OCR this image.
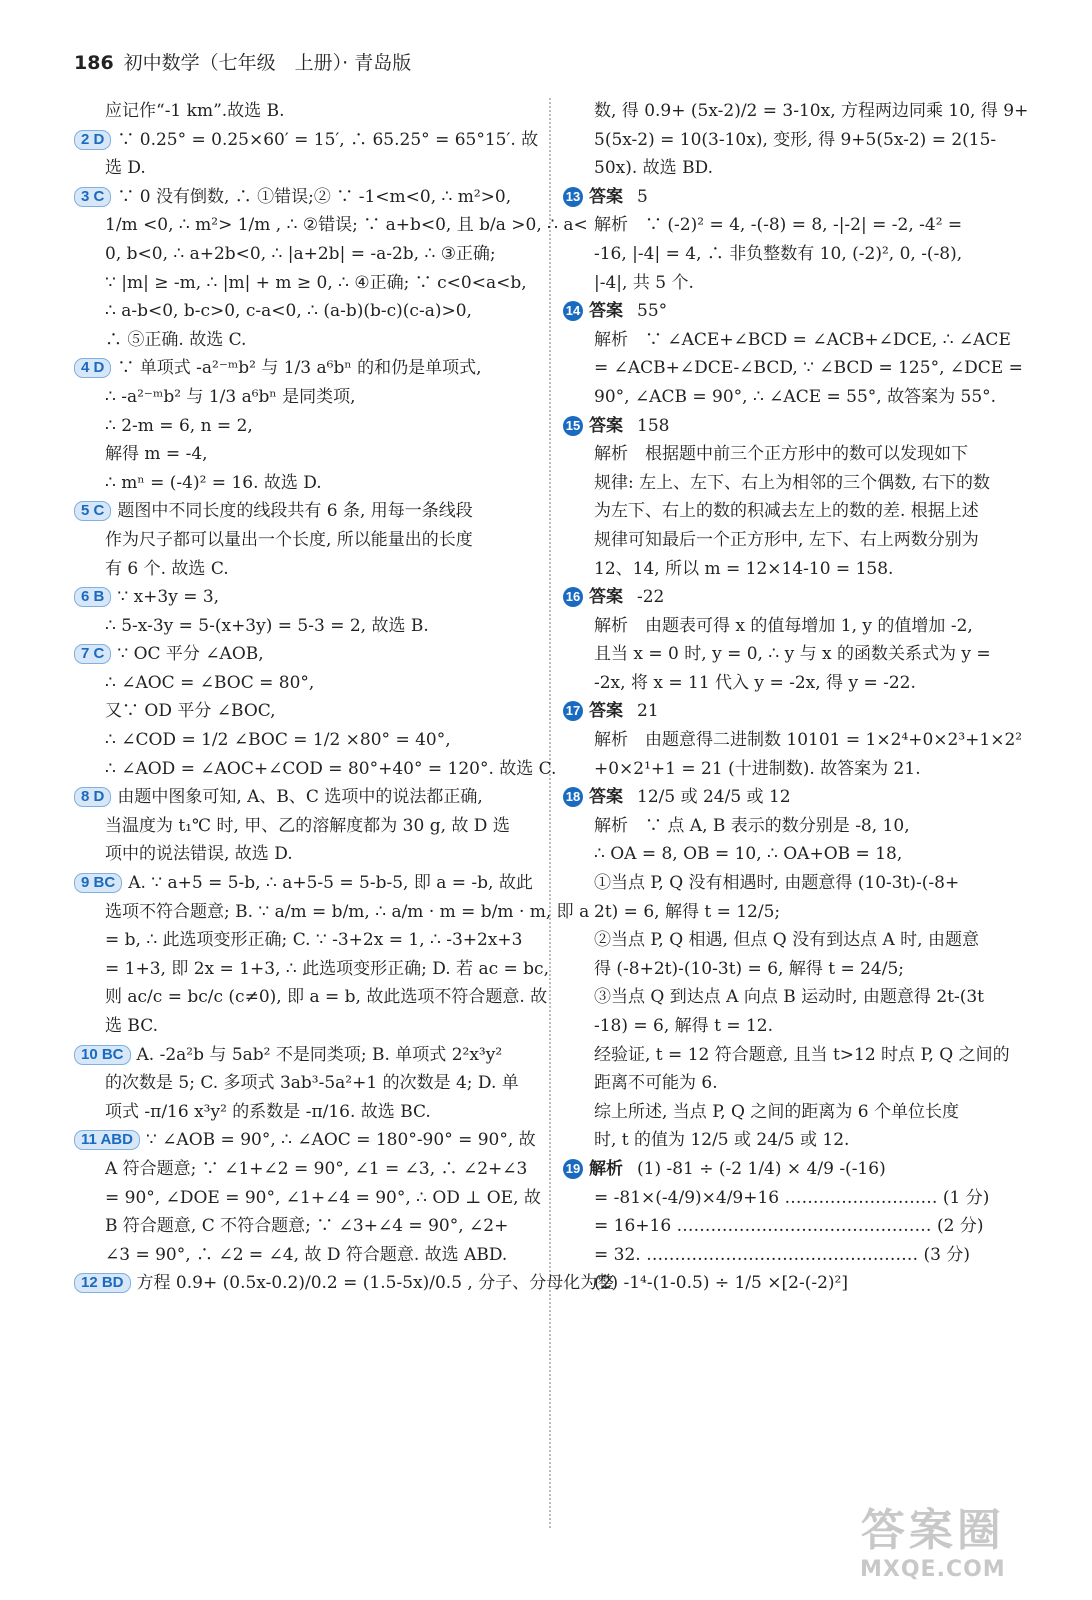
186 初中数学（七年级　上册）· 青岛版
应记作“-1 km”.故选 B.
2 D ∵ 0.25° = 0.25×60′ = 15′, ∴ 65.25° = 65°15′. 故
选 D.
3 C ∵ 0 没有倒数, ∴ ①错误;② ∵ -1<m<0, ∴ m²>0,
1/m <0, ∴ m²> 1/m , ∴ ②错误; ∵ a+b<0, 且 b/a >0, ∴ a<
0, b<0, ∴ a+2b<0, ∴ |a+2b| = -a-2b, ∴ ③正确;
∵ |m| ≥ -m, ∴ |m| + m ≥ 0, ∴ ④正确; ∵ c<0<a<b,
∴ a-b<0, b-c>0, c-a<0, ∴ (a-b)(b-c)(c-a)>0,
∴ ⑤正确. 故选 C.
4 D ∵ 单项式 -a²⁻ᵐb² 与 1/3 a⁶bⁿ 的和仍是单项式,
∴ -a²⁻ᵐb² 与 1/3 a⁶bⁿ 是同类项,
∴ 2-m = 6, n = 2,
解得 m = -4,
∴ mⁿ = (-4)² = 16. 故选 D.
5 C 题图中不同长度的线段共有 6 条, 用每一条线段
作为尺子都可以量出一个长度, 所以能量出的长度
有 6 个. 故选 C.
6 B ∵ x+3y = 3,
∴ 5-x-3y = 5-(x+3y) = 5-3 = 2, 故选 B.
7 C ∵ OC 平分 ∠AOB,
∴ ∠AOC = ∠BOC = 80°,
又∵ OD 平分 ∠BOC,
∴ ∠COD = 1/2 ∠BOC = 1/2 ×80° = 40°,
∴ ∠AOD = ∠AOC+∠COD = 80°+40° = 120°. 故选 C.
8 D 由题中图象可知, A、B、C 选项中的说法都正确,
当温度为 t₁℃ 时, 甲、乙的溶解度都为 30 g, 故 D 选
项中的说法错误, 故选 D.
9 BC A. ∵ a+5 = 5-b, ∴ a+5-5 = 5-b-5, 即 a = -b, 故此
选项不符合题意; B. ∵ a/m = b/m, ∴ a/m · m = b/m · m, 即 a
= b, ∴ 此选项变形正确; C. ∵ -3+2x = 1, ∴ -3+2x+3
= 1+3, 即 2x = 1+3, ∴ 此选项变形正确; D. 若 ac = bc,
则 ac/c = bc/c (c≠0), 即 a = b, 故此选项不符合题意. 故
选 BC.
10 BC A. -2a²b 与 5ab² 不是同类项; B. 单项式 2²x³y²
的次数是 5; C. 多项式 3ab³-5a²+1 的次数是 4; D. 单
项式 -π/16 x³y² 的系数是 -π/16. 故选 BC.
11 ABD ∵ ∠AOB = 90°, ∴ ∠AOC = 180°-90° = 90°, 故
A 符合题意; ∵ ∠1+∠2 = 90°, ∠1 = ∠3, ∴ ∠2+∠3
= 90°, ∠DOE = 90°, ∠1+∠4 = 90°, ∴ OD ⊥ OE, 故
B 符合题意, C 不符合题意; ∵ ∠3+∠4 = 90°, ∠2+
∠3 = 90°, ∴ ∠2 = ∠4, 故 D 符合题意. 故选 ABD.
12 BD 方程 0.9+ (0.5x-0.2)/0.2 = (1.5-5x)/0.5 , 分子、分母化为整
数, 得 0.9+ (5x-2)/2 = 3-10x, 方程两边同乘 10, 得 9+
5(5x-2) = 10(3-10x), 变形, 得 9+5(5x-2) = 2(15-
50x). 故选 BD.
13 答案 5
解析　∵ (-2)² = 4, -(-8) = 8, -|-2| = -2, -4² =
-16, |-4| = 4, ∴ 非负整数有 10, (-2)², 0, -(-8),
|-4|, 共 5 个.
14 答案 55°
解析　∵ ∠ACE+∠BCD = ∠ACB+∠DCE, ∴ ∠ACE
= ∠ACB+∠DCE-∠BCD, ∵ ∠BCD = 125°, ∠DCE =
90°, ∠ACB = 90°, ∴ ∠ACE = 55°, 故答案为 55°.
15 答案 158
解析　根据题中前三个正方形中的数可以发现如下
规律: 左上、左下、右上为相邻的三个偶数, 右下的数
为左下、右上的数的积减去左上的数的差. 根据上述
规律可知最后一个正方形中, 左下、右上两数分别为
12、14, 所以 m = 12×14-10 = 158.
16 答案 -22
解析　由题表可得 x 的值每增加 1, y 的值增加 -2,
且当 x = 0 时, y = 0, ∴ y 与 x 的函数关系式为 y =
-2x, 将 x = 11 代入 y = -2x, 得 y = -22.
17 答案 21
解析　由题意得二进制数 10101 = 1×2⁴+0×2³+1×2²
+0×2¹+1 = 21 (十进制数). 故答案为 21.
18 答案 12/5 或 24/5 或 12
解析　∵ 点 A, B 表示的数分别是 -8, 10,
∴ OA = 8, OB = 10, ∴ OA+OB = 18,
①当点 P, Q 没有相遇时, 由题意得 (10-3t)-(-8+
2t) = 6, 解得 t = 12/5;
②当点 P, Q 相遇, 但点 Q 没有到达点 A 时, 由题意
得 (-8+2t)-(10-3t) = 6, 解得 t = 24/5;
③当点 Q 到达点 A 向点 B 运动时, 由题意得 2t-(3t
-18) = 6, 解得 t = 12.
经验证, t = 12 符合题意, 且当 t>12 时点 P, Q 之间的
距离不可能为 6.
综上所述, 当点 P, Q 之间的距离为 6 个单位长度
时, t 的值为 12/5 或 24/5 或 12.
19 解析 (1) -81 ÷ (-2 1/4) × 4/9 -(-16)
= -81×(-4/9)×4/9+16 ……………………… (1 分)
= 16+16 ……………………………………… (2 分)
= 32. ………………………………………… (3 分)
(2) -1⁴-(1-0.5) ÷ 1/5 ×[2-(-2)²]
答案圈
MXQE.COM
